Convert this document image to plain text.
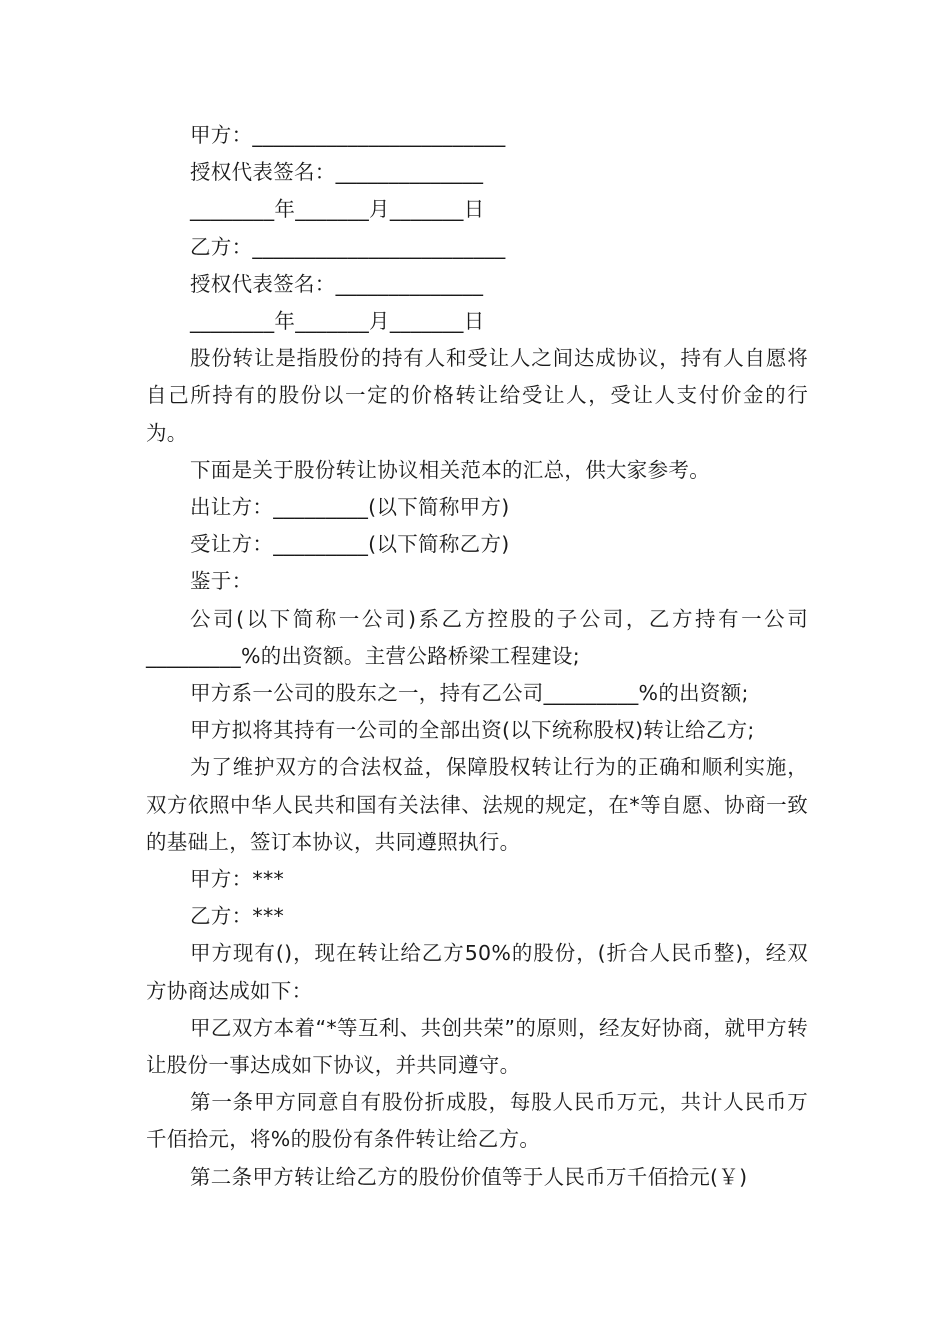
甲方：________________________
授权代表签名：______________
________年_______月_______日
乙方：________________________
授权代表签名：______________
________年_______月_______日
股份转让是指股份的持有人和受让人之间达成协议，持有人自愿将自己所持有的股份以一定的价格转让给受让人，受让人支付价金的行为。
下面是关于股份转让协议相关范本的汇总，供大家参考。
出让方：_________(以下简称甲方)
受让方：_________(以下简称乙方)
鉴于：
公司(以下简称一公司)系乙方控股的子公司，乙方持有一公司_________%的出资额。主营公路桥梁工程建设;
甲方系一公司的股东之一，持有乙公司_________%的出资额;
甲方拟将其持有一公司的全部出资(以下统称股权)转让给乙方;
为了维护双方的合法权益，保障股权转让行为的正确和顺利实施，双方依照中华人民共和国有关法律、法规的规定，在*等自愿、协商一致的基础上，签订本协议，共同遵照执行。
甲方：***
乙方：***
甲方现有()，现在转让给乙方50%的股份，(折合人民币整)，经双方协商达成如下：
甲乙双方本着“*等互利、共创共荣”的原则，经友好协商，就甲方转让股份一事达成如下协议，并共同遵守。
第一条甲方同意自有股份折成股，每股人民币万元，共计人民币万千佰拾元，将%的股份有条件转让给乙方。
第二条甲方转让给乙方的股份价值等于人民币万千佰拾元(￥)
